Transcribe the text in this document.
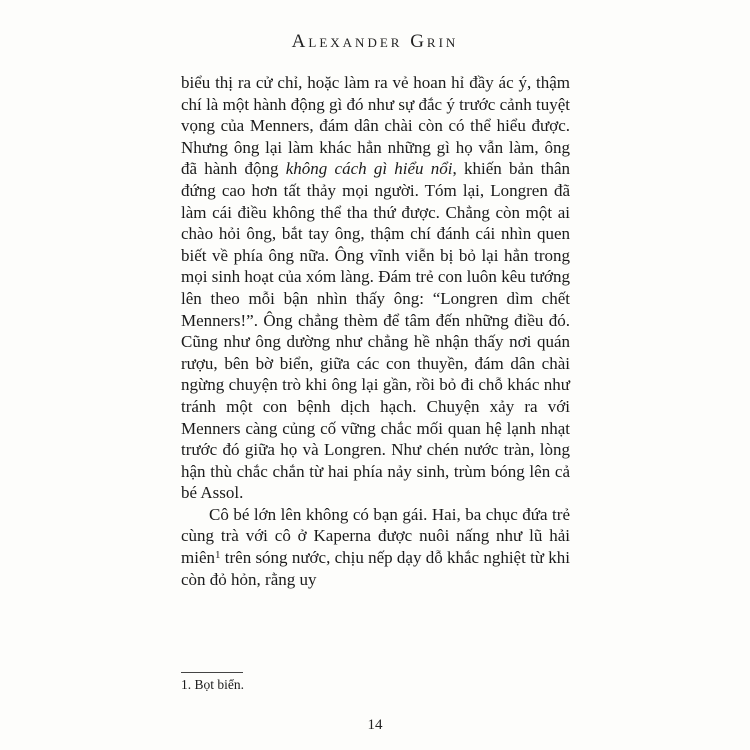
Alexander Grin

biểu thị ra cử chỉ, hoặc làm ra vẻ hoan hỉ đầy ác ý, thậm chí là một hành động gì đó như sự đắc ý trước cảnh tuyệt vọng của Menners, đám dân chài còn có thể hiểu được. Nhưng ông lại làm khác hẳn những gì họ vẫn làm, ông đã hành động không cách gì hiểu nổi, khiến bản thân đứng cao hơn tất thảy mọi người. Tóm lại, Longren đã làm cái điều không thể tha thứ được. Chẳng còn một ai chào hỏi ông, bắt tay ông, thậm chí đánh cái nhìn quen biết về phía ông nữa. Ông vĩnh viễn bị bỏ lại hẳn trong mọi sinh hoạt của xóm làng. Đám trẻ con luôn kêu tướng lên theo mỗi bận nhìn thấy ông: “Longren dìm chết Menners!”. Ông chẳng thèm để tâm đến những điều đó. Cũng như ông dường như chẳng hề nhận thấy nơi quán rượu, bên bờ biển, giữa các con thuyền, đám dân chài ngừng chuyện trò khi ông lại gần, rồi bỏ đi chỗ khác như tránh một con bệnh dịch hạch. Chuyện xảy ra với Menners càng củng cố vững chắc mối quan hệ lạnh nhạt trước đó giữa họ và Longren. Như chén nước tràn, lòng hận thù chắc chắn từ hai phía nảy sinh, trùm bóng lên cả bé Assol.

Cô bé lớn lên không có bạn gái. Hai, ba chục đứa trẻ cùng trà với cô ở Kaperna được nuôi nấng như lũ hải miên$^1$ trên sóng nước, chịu nếp dạy dỗ khắc nghiệt từ khi còn đỏ hỏn, rằng uy

1. Bọt biển.
14
